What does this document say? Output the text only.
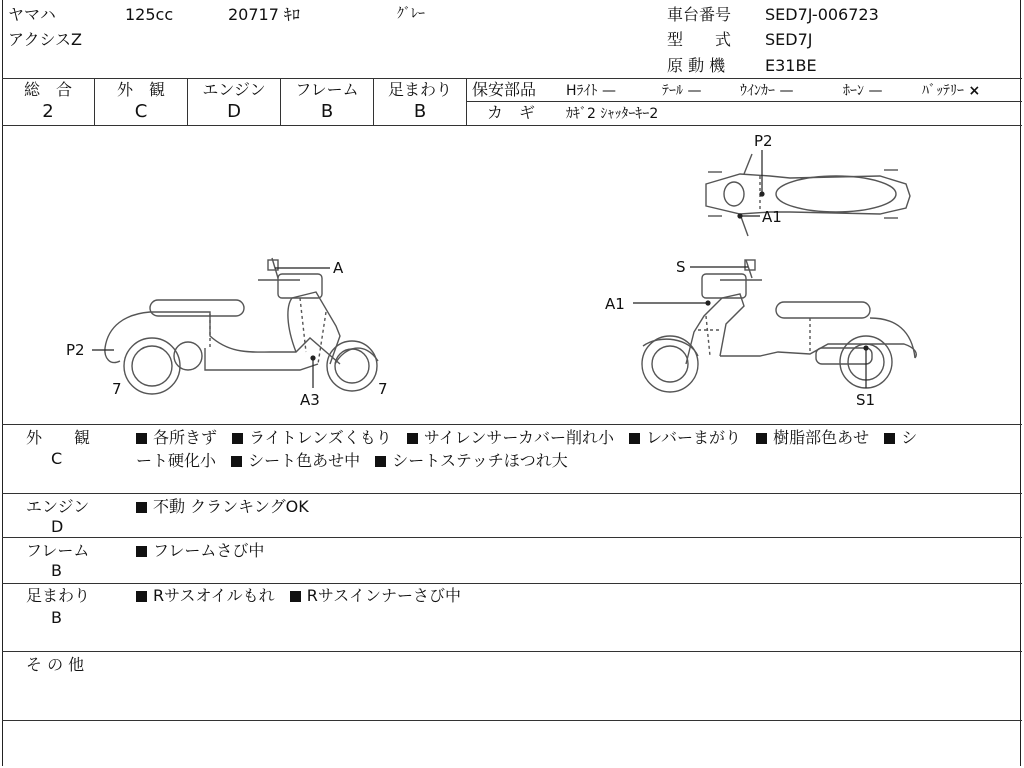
ヤマハ	125cc	20717 ｷﾛ	ｸﾞﾚｰ
アクシスZ
車台番号 SED7J-006723
型　　式 SED7J
原 動 機 E31BE
総　合
2
外　観
C
エンジン
D
フレーム
B
足まわり
B
保安部品 Hﾗｲﾄ —	ﾃｰﾙ —	ｳｲﾝｶｰ —	ﾎｰﾝ —	ﾊﾞｯﾃﾘｰ ×
カ　ギ ｶｷﾞ2 ｼｬｯﾀｰｷｰ2
P2
A1
A
P2
7
A3
7
S
A1
S1
外　　観
C
各所きず ライトレンズくもり サイレンサーカバー削れ小 レバーまがり 樹脂部色あせ シ
ート硬化小 シート色あせ中 シートステッチほつれ大
エンジン
D
不動 クランキングOK
フレーム
B
フレームさび中
足まわり
B
Rサスオイルもれ Rサスインナーさび中
そ の 他
